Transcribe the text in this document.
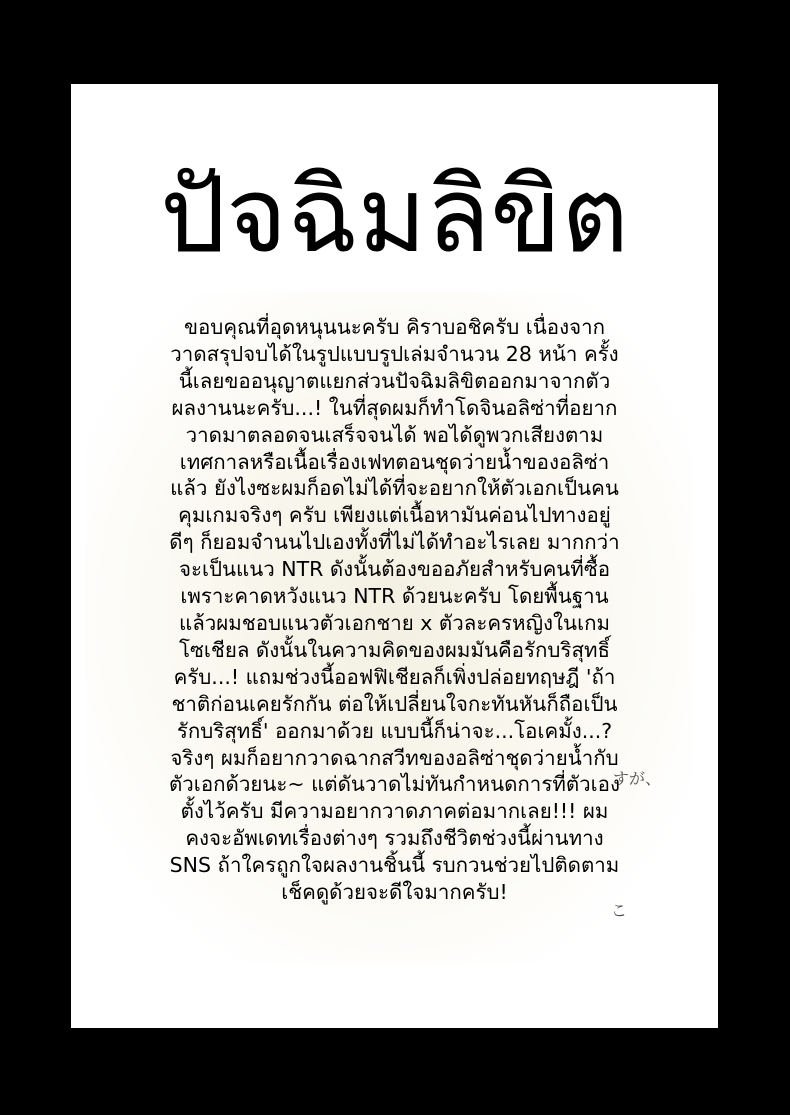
すが、
こ
ปัจฉิมลิขิต

ขอบคุณที่อุดหนุนนะครับ คิราบอชิครับ เนื่องจาก
วาดสรุปจบได้ในรูปแบบรูปเล่มจำนวน 28 หน้า ครั้ง
นี้เลยขออนุญาตแยกส่วนปัจฉิมลิขิตออกมาจากตัว
ผลงานนะครับ...! ในที่สุดผมก็ทำโดจินอลิซ่าที่อยาก
วาดมาตลอดจนเสร็จจนได้ พอได้ดูพวกเสียงตาม
เทศกาลหรือเนื้อเรื่องเฟทตอนชุดว่ายน้ำของอลิซ่า
แล้ว ยังไงซะผมก็อดไม่ได้ที่จะอยากให้ตัวเอกเป็นคน
คุมเกมจริงๆ ครับ เพียงแต่เนื้อหามันค่อนไปทางอยู่
ดีๆ ก็ยอมจำนนไปเองทั้งที่ไม่ได้ทำอะไรเลย มากกว่า
จะเป็นแนว NTR ดังนั้นต้องขออภัยสำหรับคนที่ซื้อ
เพราะคาดหวังแนว NTR ด้วยนะครับ โดยพื้นฐาน
แล้วผมชอบแนวตัวเอกชาย x ตัวละครหญิงในเกม
โซเชียล ดังนั้นในความคิดของผมมันคือรักบริสุทธิ์
ครับ...! แถมช่วงนี้ออฟฟิเชียลก็เพิ่งปล่อยทฤษฎี 'ถ้า
ชาติก่อนเคยรักกัน ต่อให้เปลี่ยนใจกะทันหันก็ถือเป็น
รักบริสุทธิ์' ออกมาด้วย แบบนี้ก็น่าจะ...โอเคมั้ง...?
จริงๆ ผมก็อยากวาดฉากสวีทของอลิซ่าชุดว่ายน้ำกับ
ตัวเอกด้วยนะ~ แต่ดันวาดไม่ทันกำหนดการที่ตัวเอง
ตั้งไว้ครับ มีความอยากวาดภาคต่อมากเลย!!! ผม
คงจะอัพเดทเรื่องต่างๆ รวมถึงชีวิตช่วงนี้ผ่านทาง
SNS ถ้าใครถูกใจผลงานชิ้นนี้ รบกวนช่วยไปติดตาม
เช็คดูด้วยจะดีใจมากครับ!
